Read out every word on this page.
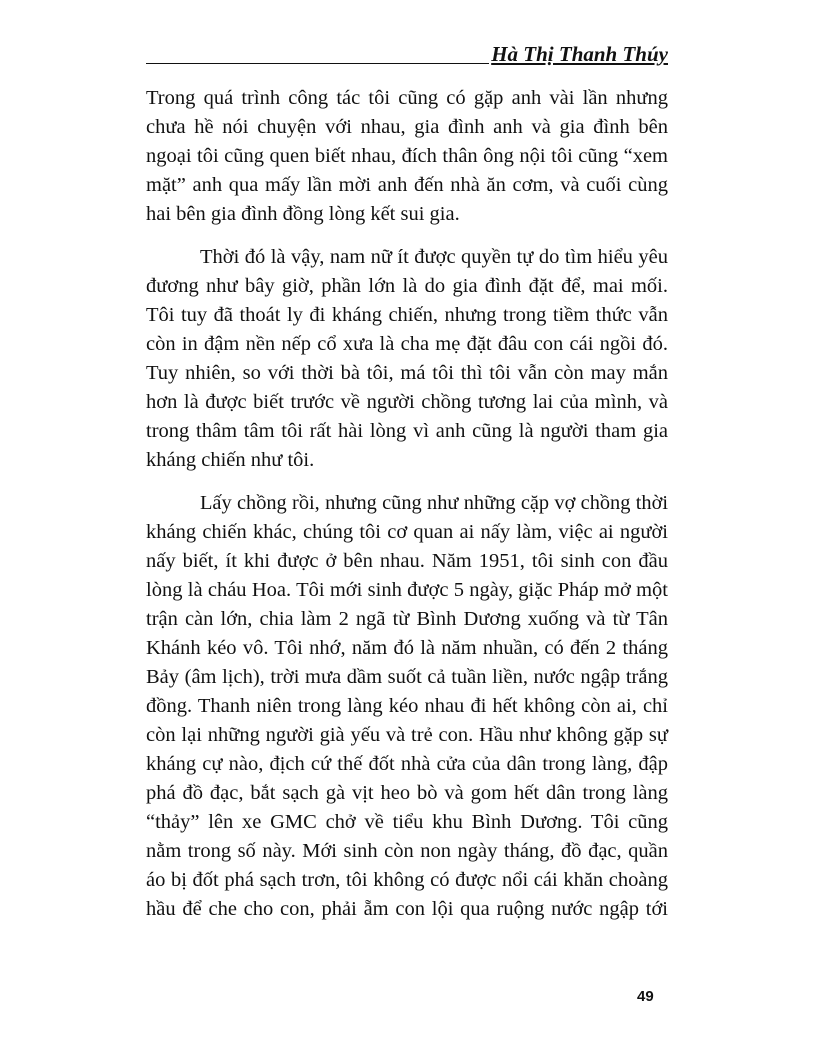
Hà Thị Thanh Thúy
Trong quá trình công tác tôi cũng có gặp anh vài lần nhưng
chưa hề nói chuyện với nhau, gia đình anh và gia đình bên
ngoại tôi cũng quen biết nhau, đích thân ông nội tôi cũng “xem
mặt” anh qua mấy lần mời anh đến nhà ăn cơm, và cuối cùng
hai bên gia đình đồng lòng kết sui gia.
Thời đó là vậy, nam nữ ít được quyền tự do tìm hiểu yêu
đương như bây giờ, phần lớn là do gia đình đặt để, mai mối.
Tôi tuy đã thoát ly đi kháng chiến, nhưng trong tiềm thức vẫn
còn in đậm nền nếp cổ xưa là cha mẹ đặt đâu con cái ngồi đó.
Tuy nhiên, so với thời bà tôi, má tôi thì tôi vẫn còn may mắn
hơn là được biết trước về người chồng tương lai của mình, và
trong thâm tâm tôi rất hài lòng vì anh cũng là người tham gia
kháng chiến như tôi.
Lấy chồng rồi, nhưng cũng như những cặp vợ chồng thời
kháng chiến khác, chúng tôi cơ quan ai nấy làm, việc ai người
nấy biết, ít khi được ở bên nhau. Năm 1951, tôi sinh con đầu
lòng là cháu Hoa. Tôi mới sinh được 5 ngày, giặc Pháp mở một
trận càn lớn, chia làm 2 ngã từ Bình Dương xuống và từ Tân
Khánh kéo vô. Tôi nhớ, năm đó là năm nhuần, có đến 2 tháng
Bảy (âm lịch), trời mưa dầm suốt cả tuần liền, nước ngập trắng
đồng. Thanh niên trong làng kéo nhau đi hết không còn ai, chỉ
còn lại những người già yếu và trẻ con. Hầu như không gặp sự
kháng cự nào, địch cứ thế đốt nhà cửa của dân trong làng, đập
phá đồ đạc, bắt sạch gà vịt heo bò và gom hết dân trong làng
“thảy” lên xe GMC chở về tiểu khu Bình Dương. Tôi cũng
nằm trong số này. Mới sinh còn non ngày tháng, đồ đạc, quần
áo bị đốt phá sạch trơn, tôi không có được nổi cái khăn choàng
hầu để che cho con, phải ẵm con lội qua ruộng nước ngập tới
49
